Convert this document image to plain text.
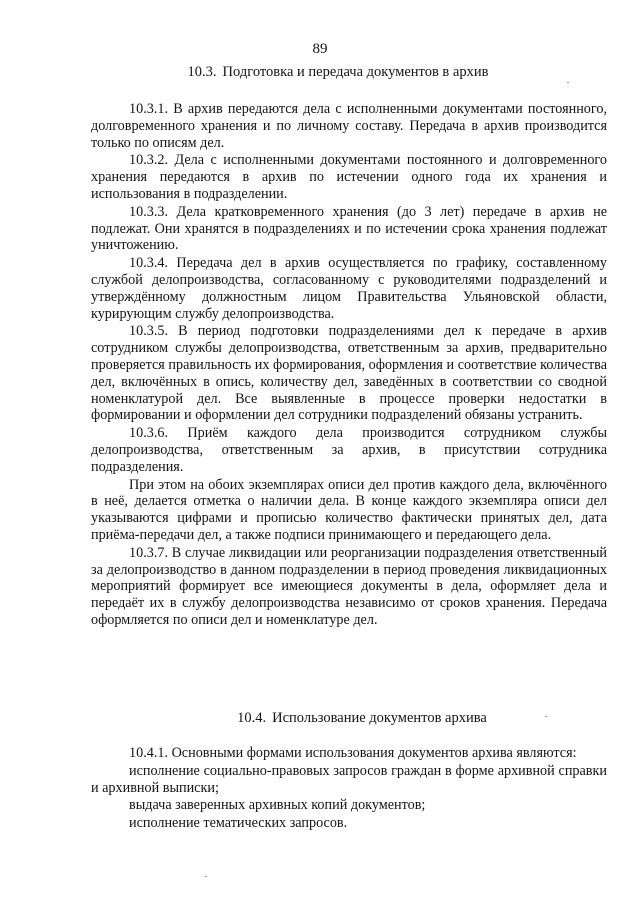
89
10.3. Подготовка и передача документов в архив

10.3.1. В архив передаются дела с исполненными документами постоянного, долговременного хранения и по личному составу. Передача в архив производится только по описям дел.

10.3.2. Дела с исполненными документами постоянного и долговременного хранения передаются в архив по истечении одного года их хранения и использования в подразделении.

10.3.3. Дела кратковременного хранения (до 3 лет) передаче в архив не подлежат. Они хранятся в подразделениях и по истечении срока хранения подлежат уничтожению.

10.3.4. Передача дел в архив осуществляется по графику, составленному службой делопроизводства, согласованному с руководителями подразделений и утверждённому должностным лицом Правительства Ульяновской области, курирующим службу делопроизводства.

10.3.5. В период подготовки подразделениями дел к передаче в архив сотрудником службы делопроизводства, ответственным за архив, предварительно проверяется правильность их формирования, оформления и соответствие количества дел, включённых в опись, количеству дел, заведённых в соответствии со сводной номенклатурой дел. Все выявленные в процессе проверки недостатки в формировании и оформлении дел сотрудники подразделений обязаны устранить.

10.3.6. Приём каждого дела производится сотрудником службы делопроизводства, ответственным за архив, в присутствии сотрудника подразделения.

При этом на обоих экземплярах описи дел против каждого дела, включённого в неё, делается отметка о наличии дела. В конце каждого экземпляра описи дел указываются цифрами и прописью количество фактически принятых дел, дата приёма-передачи дел, а также подписи принимающего и передающего дела.

10.3.7. В случае ликвидации или реорганизации подразделения ответственный за делопроизводство в данном подразделении в период проведения ликвидационных мероприятий формирует все имеющиеся документы в дела, оформляет дела и передаёт их в службу делопроизводства независимо от сроков хранения. Передача оформляется по описи дел и номенклатуре дел.

10.4. Использование документов архива

10.4.1. Основными формами использования документов архива являются:

исполнение социально-правовых запросов граждан в форме архивной справки и архивной выписки;

выдача заверенных архивных копий документов;

исполнение тематических запросов.
